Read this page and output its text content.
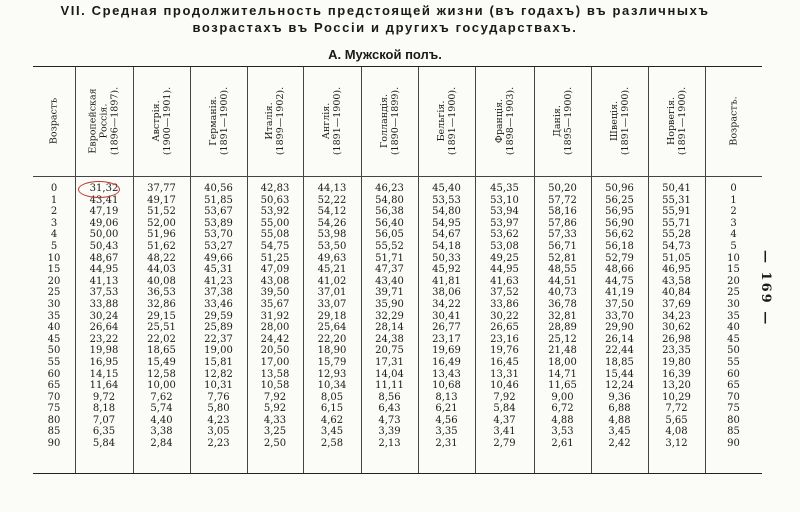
VII. Средная продолжительность предстоящей жизни (въ годахъ) въ различныхъ
возрастахъ въ Россіи и другихъ государствахъ.
А. Мужской полъ.
Возрастъ
0
1
2
3
4
5
10
15
20
25
30
35
40
45
50
55
60
65
70
75
80
85
90
Европейская
Россія.
(1896—1897).
31,32
43,41
47,19
49,06
50,00
50,43
48,67
44,95
41,13
37,53
33,88
30,24
26,64
23,22
19,98
16,95
14,15
11,64
9,72
8,18
7,07
6,35
5,84
Австрія.
(1900—1901).
37,77
49,17
51,52
52,00
51,96
51,62
48,22
44,03
40,08
36,53
32,86
29,15
25,51
22,02
18,65
15,49
12,58
10,00
7,62
5,74
4,40
3,38
2,84
Германія.
(1891—1900).
40,56
51,85
53,67
53,89
53,70
53,27
49,66
45,31
41,23
37,38
33,46
29,59
25,89
22,37
19,00
15,81
12,82
10,31
7,76
5,80
4,23
3,05
2,23
Италія.
(1899—1902).
42,83
50,63
53,92
55,00
55,08
54,75
51,25
47,09
43,08
39,50
35,67
31,92
28,00
24,42
20,50
17,00
13,58
10,58
7,92
5,92
4,33
3,25
2,50
Англія.
(1891—1900).
44,13
52,22
54,12
54,26
53,98
53,50
49,63
45,21
41,02
37,01
33,07
29,18
25,64
22,20
18,90
15,79
12,93
10,34
8,05
6,15
4,62
3,45
2,58
Голландія.
(1890—1899).
46,23
54,80
56,38
56,40
56,05
55,52
51,71
47,37
43,40
39,71
35,90
32,29
28,14
24,38
20,75
17,31
14,04
11,11
8,56
6,43
4,73
3,39
2,13
Бельгія.
(1891—1900).
45,40
53,53
54,80
54,95
54,67
54,18
50,33
45,92
41,81
38,06
34,22
30,41
26,77
23,17
19,69
16,49
13,43
10,68
8,13
6,21
4,56
3,35
2,31
Франція.
(1898—1903).
45,35
53,10
53,94
53,97
53,62
53,08
49,25
44,95
41,63
37,52
33,86
30,22
26,65
23,16
19,76
16,45
13,31
10,46
7,92
5,84
4,37
3,41
2,79
Данія.
(1895—1900).
50,20
57,72
58,16
57,86
57,33
56,71
52,81
48,55
44,51
40,73
36,78
32,81
28,89
25,12
21,48
18,00
14,71
11,65
9,00
6,72
4,88
3,53
2,61
Швеція.
(1891—1900).
50,96
56,25
56,95
56,90
56,62
56,18
52,79
48,66
44,75
41,19
37,50
33,70
29,90
26,14
22,44
18,85
15,44
12,24
9,36
6,88
4,88
3,45
2,42
Норвегія.
(1891—1900).
50,41
55,31
55,91
55,71
55,28
54,73
51,05
46,95
43,58
40,84
37,69
34,23
30,62
26,98
23,35
19,80
16,39
13,20
10,29
7,72
5,65
4,08
3,12
Возрастъ.
0
1
2
3
4
5
10
15
20
25
30
35
40
45
50
55
60
65
70
75
80
85
90
— 169 —
